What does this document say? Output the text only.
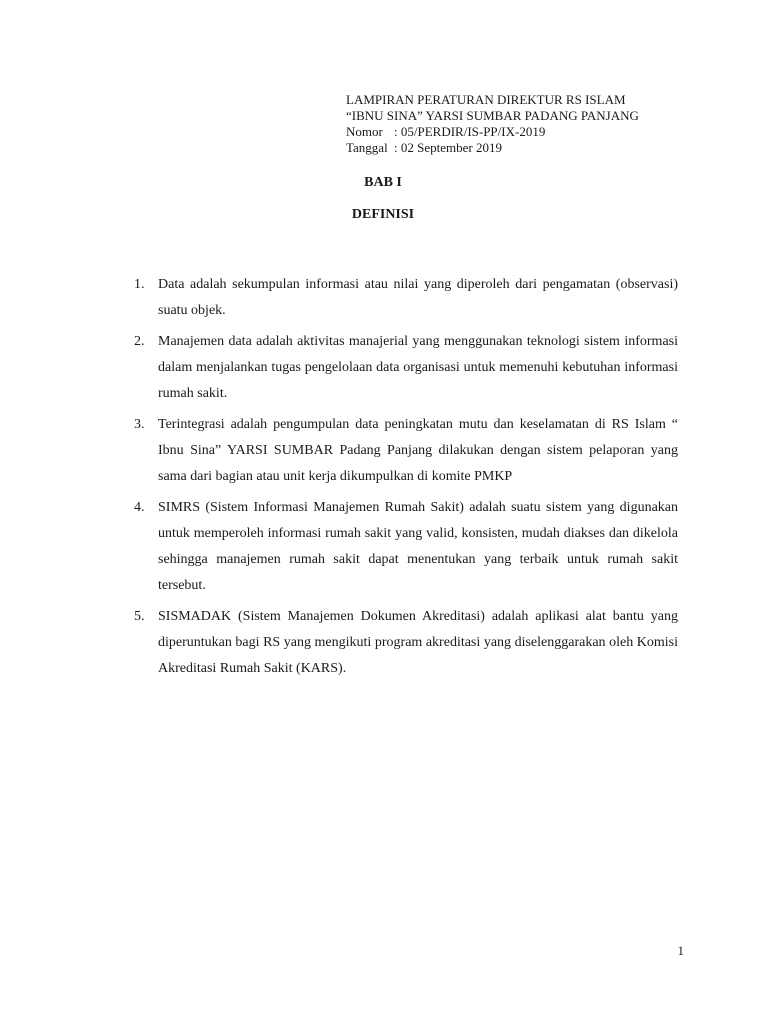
LAMPIRAN PERATURAN DIREKTUR RS ISLAM
“IBNU SINA” YARSI SUMBAR PADANG PANJANG
Nomor : 05/PERDIR/IS-PP/IX-2019
Tanggal : 02 September 2019
BAB I
DEFINISI
1. Data adalah sekumpulan informasi atau nilai yang diperoleh dari pengamatan (observasi) suatu objek.
2. Manajemen data adalah aktivitas manajerial yang menggunakan teknologi sistem informasi dalam menjalankan tugas pengelolaan data organisasi untuk memenuhi kebutuhan informasi rumah sakit.
3. Terintegrasi adalah pengumpulan data peningkatan mutu dan keselamatan di RS Islam “ Ibnu Sina” YARSI SUMBAR Padang Panjang dilakukan dengan sistem pelaporan yang sama dari bagian atau unit kerja dikumpulkan di komite PMKP
4. SIMRS (Sistem Informasi Manajemen Rumah Sakit) adalah suatu sistem yang digunakan untuk memperoleh informasi rumah sakit yang valid, konsisten, mudah diakses dan dikelola sehingga manajemen rumah sakit dapat menentukan yang terbaik untuk rumah sakit tersebut.
5. SISMADAK (Sistem Manajemen Dokumen Akreditasi) adalah aplikasi alat bantu yang diperuntukan bagi RS yang mengikuti program akreditasi yang diselenggarakan oleh Komisi Akreditasi Rumah Sakit (KARS).
1
